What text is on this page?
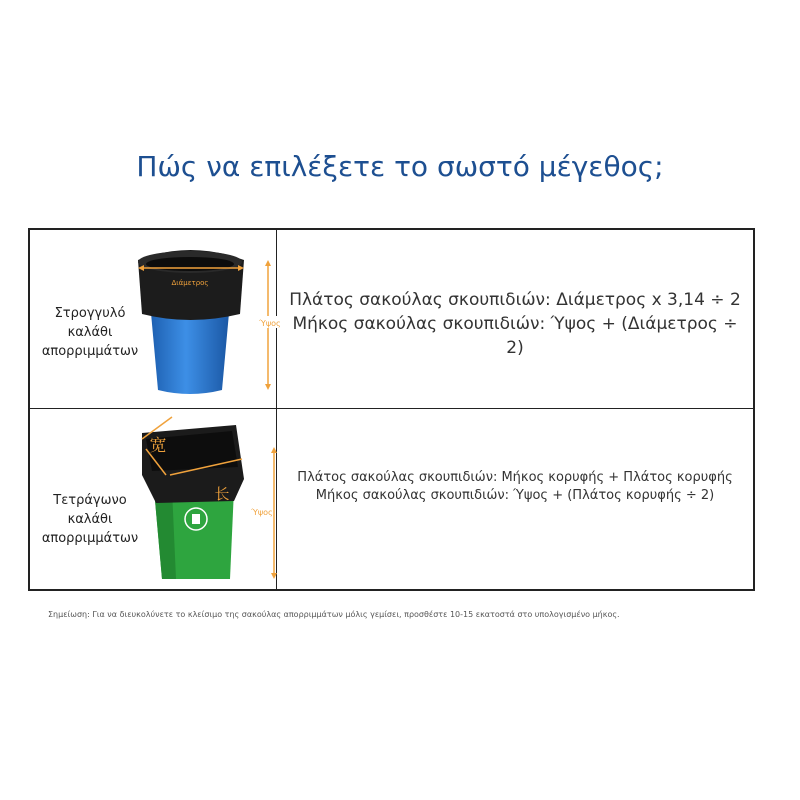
Πώς να επιλέξετε το σωστό μέγεθος;
Στρογγυλό καλάθι απορριμμάτων
Διάμετρος
Ύψος
Πλάτος σακούλας σκουπιδιών: Διάμετρος x 3,14 ÷ 2 Μήκος σακούλας σκουπιδιών: Ύψος + (Διάμετρος ÷ 2)
Τετράγωνο καλάθι απορριμμάτων
宽
长
Ύψος
Πλάτος σακούλας σκουπιδιών: Μήκος κορυφής + Πλάτος κορυφής
Μήκος σακούλας σκουπιδιών: Ύψος + (Πλάτος κορυφής ÷ 2)
Σημείωση: Για να διευκολύνετε το κλείσιμο της σακούλας απορριμμάτων μόλις γεμίσει, προσθέστε 10-15 εκατοστά στο υπολογισμένο μήκος.
